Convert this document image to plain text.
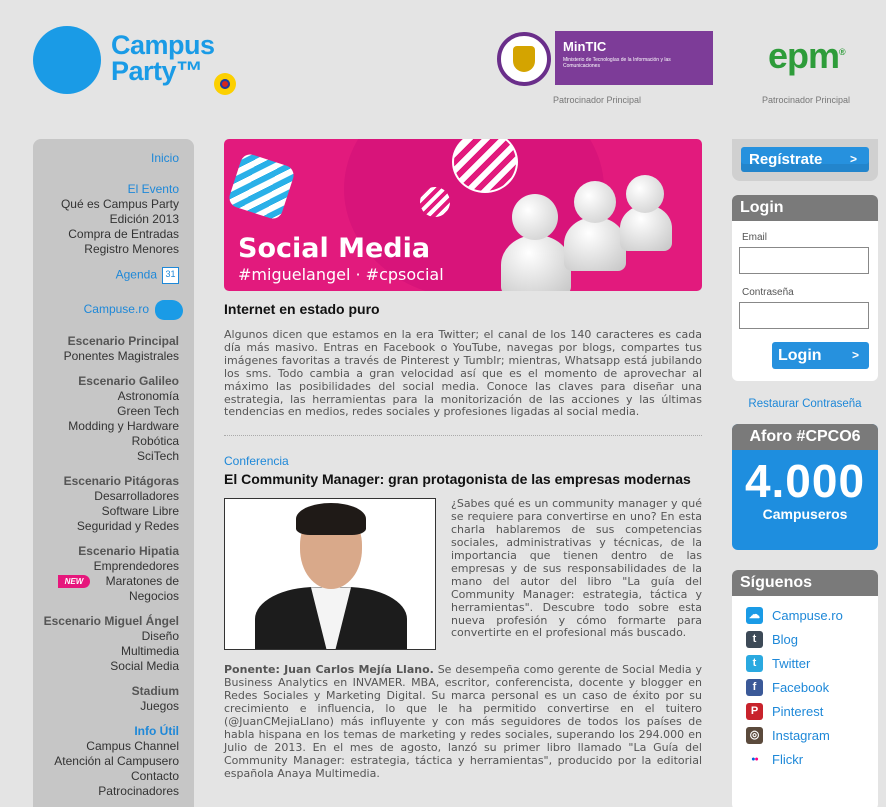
Campus
Party™
MinTIC
Ministerio de Tecnologías de la Información y las Comunicaciones
Patrocinador Principal
epm®
Patrocinador Principal
Inicio
El Evento
Qué es Campus Party
Edición 2013
Compra de Entradas
Registro Menores
Agenda 31
Campuse.ro
Escenario Principal
Ponentes Magistrales
Escenario Galileo
Astronomía
Green Tech
Modding y Hardware
Robótica
SciTech
Escenario Pitágoras
Desarrolladores
Software Libre
Seguridad y Redes
Escenario Hipatia
Emprendedores
NEW	Maratones de
Negocios
Escenario Miguel Ángel
Diseño
Multimedia
Social Media
Stadium
Juegos
Info Útil
Campus Channel
Atención al Campusero
Contacto
Patrocinadores
Social Media
#miguelangel · #cpsocial
Internet en estado puro
Algunos dicen que estamos en la era Twitter; el canal de los 140 caracteres es cada día más masivo. Entras en Facebook o YouTube, navegas por blogs, compartes tus imágenes favoritas a través de Pinterest y Tumblr; mientras, Whatsapp está jubilando los sms. Todo cambia a gran velocidad así que es el momento de aprovechar al máximo las posibilidades del social media. Conoce las claves para diseñar una estrategia, las herramientas para la monitorización de las acciones y las últimas tendencias en medios, redes sociales y profesiones ligadas al social media.
Conferencia
El Community Manager: gran protagonista de las empresas modernas
¿Sabes qué es un community manager y qué se requiere para convertirse en uno? En esta charla hablaremos de sus competencias sociales, administrativas y técnicas, de la importancia que tienen dentro de las empresas y de sus responsabilidades de la mano del autor del libro "La guía del Community Manager: estrategia, táctica y herramientas". Descubre todo sobre esta nueva profesión y cómo formarte para convertirte en el profesional más buscado.
Ponente: Juan Carlos Mejía Llano. Se desempeña como gerente de Social Media y Business Analytics en INVAMER. MBA, escritor, conferencista, docente y blogger en Redes Sociales y Marketing Digital. Su marca personal es un caso de éxito por su crecimiento e influencia, lo que le ha permitido convertirse en el tuitero (@JuanCMejiaLlano) más influyente y con más seguidores de todos los países de habla hispana en los temas de marketing y redes sociales, superando los 294.000 en Julio de 2013. En el mes de agosto, lanzó su primer libro llamado "La Guía del Community Manager: estrategia, táctica y herramientas", producido por la editorial española Anaya Multimedia.
Regístrate >
Login
Email
Contraseña
Login	>
Restaurar Contraseña
Aforo #CPCO6
4.000
Campuseros
Síguenos
☁ Campuse.ro
t	Blog
t	Twitter
f	Facebook
P	Pinterest
◎ Instagram
●●	Flickr
